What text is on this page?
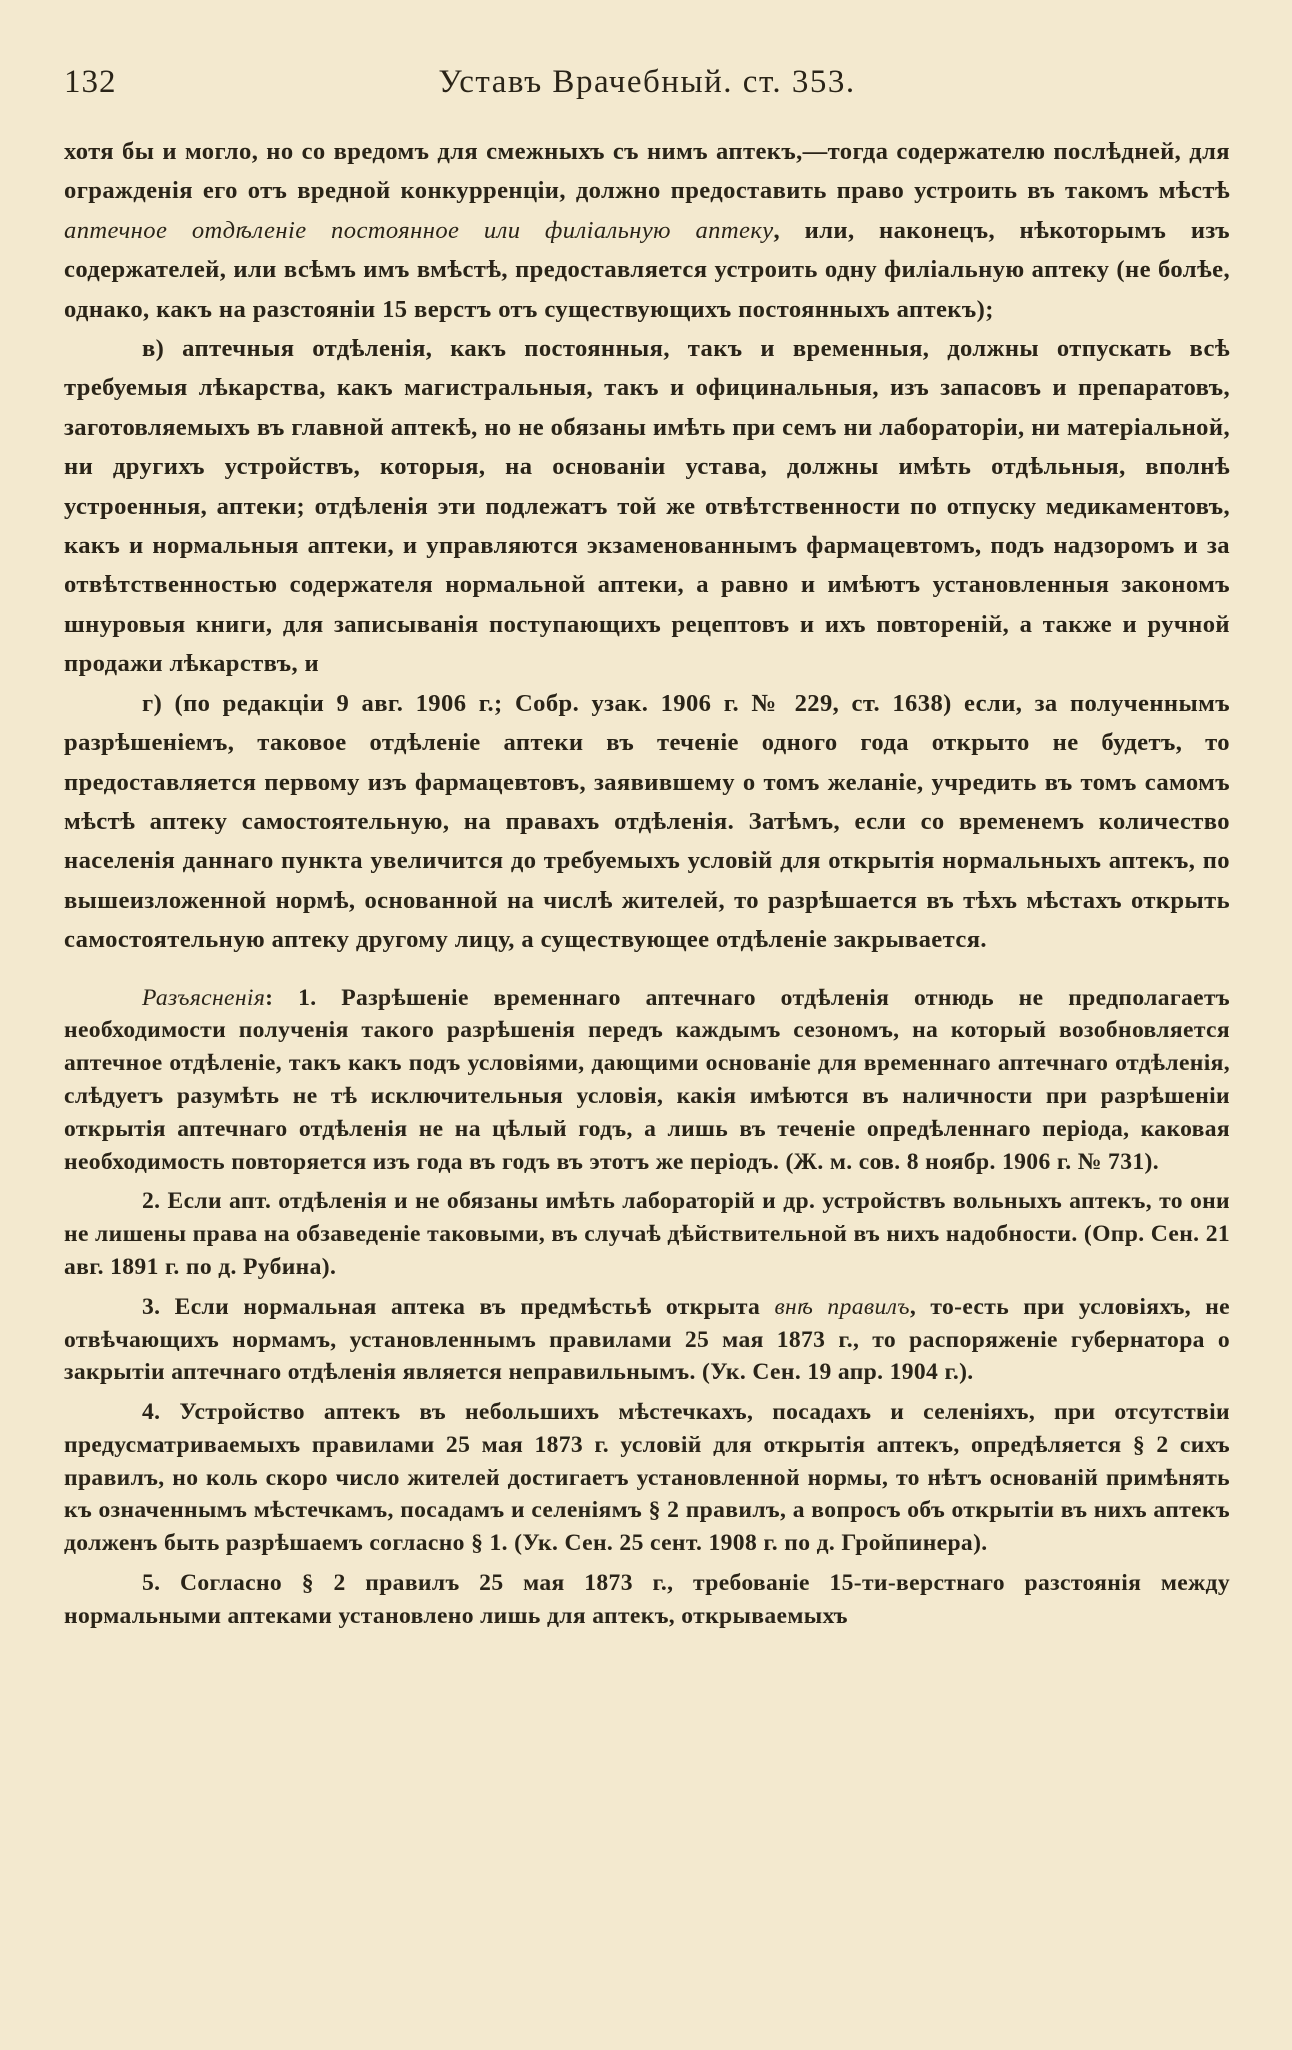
132	Уставъ Врачебный. ст. 353.

хотя бы и могло, но со вредомъ для смежныхъ съ нимъ аптекъ,—тогда содержателю послѣдней, для огражденія его отъ вредной конкурренціи, должно предоставить право устроить въ такомъ мѣстѣ аптечное отдѣленіе постоянное или филіальную аптеку, или, наконецъ, нѣкоторымъ изъ содержателей, или всѣмъ имъ вмѣстѣ, предоставляется устроить одну филіальную аптеку (не болѣе, однако, какъ на разстояніи 15 верстъ отъ существующихъ постоянныхъ аптекъ);

в) аптечныя отдѣленія, какъ постоянныя, такъ и временныя, должны отпускать всѣ требуемыя лѣкарства, какъ магистральныя, такъ и официнальныя, изъ запасовъ и препаратовъ, заготовляемыхъ въ главной аптекѣ, но не обязаны имѣть при семъ ни лабораторіи, ни матеріальной, ни другихъ устройствъ, которыя, на основаніи устава, должны имѣть отдѣльныя, вполнѣ устроенныя, аптеки; отдѣленія эти подлежатъ той же отвѣтственности по отпуску медикаментовъ, какъ и нормальныя аптеки, и управляются экзаменованнымъ фармацевтомъ, подъ надзоромъ и за отвѣтственностью содержателя нормальной аптеки, а равно и имѣютъ установленныя закономъ шнуровыя книги, для записыванія поступающихъ рецептовъ и ихъ повтореній, а также и ручной продажи лѣкарствъ, и

г) (по редакціи 9 авг. 1906 г.; Собр. узак. 1906 г. № 229, ст. 1638) если, за полученнымъ разрѣшеніемъ, таковое отдѣленіе аптеки въ теченіе одного года открыто не будетъ, то предоставляется первому изъ фармацевтовъ, заявившему о томъ желаніе, учредить въ томъ самомъ мѣстѣ аптеку самостоятельную, на правахъ отдѣленія. Затѣмъ, если со временемъ количество населенія даннаго пункта увеличится до требуемыхъ условій для открытія нормальныхъ аптекъ, по вышеизложенной нормѣ, основанной на числѣ жителей, то разрѣшается въ тѣхъ мѣстахъ открыть самостоятельную аптеку другому лицу, а существующее отдѣленіе закрывается.

Разъясненія: 1. Разрѣшеніе временнаго аптечнаго отдѣленія отнюдь не предполагаетъ необходимости полученія такого разрѣшенія передъ каждымъ сезономъ, на который возобновляется аптечное отдѣленіе, такъ какъ подъ условіями, дающими основаніе для временнаго аптечнаго отдѣленія, слѣдуетъ разумѣть не тѣ исключительныя условія, какія имѣются въ наличности при разрѣшеніи открытія аптечнаго отдѣленія не на цѣлый годъ, а лишь въ теченіе опредѣленнаго періода, каковая необходимость повторяется изъ года въ годъ въ этотъ же періодъ. (Ж. м. сов. 8 ноябр. 1906 г. № 731).

2. Если апт. отдѣленія и не обязаны имѣть лабораторій и др. устройствъ вольныхъ аптекъ, то они не лишены права на обзаведеніе таковыми, въ случаѣ дѣйствительной въ нихъ надобности. (Опр. Сен. 21 авг. 1891 г. по д. Рубина).

3. Если нормальная аптека въ предмѣстьѣ открыта внѣ правилъ, то-есть при условіяхъ, не отвѣчающихъ нормамъ, установленнымъ правилами 25 мая 1873 г., то распоряженіе губернатора о закрытіи аптечнаго отдѣленія является неправильнымъ. (Ук. Сен. 19 апр. 1904 г.).

4. Устройство аптекъ въ небольшихъ мѣстечкахъ, посадахъ и селеніяхъ, при отсутствіи предусматриваемыхъ правилами 25 мая 1873 г. условій для открытія аптекъ, опредѣляется § 2 сихъ правилъ, но коль скоро число жителей достигаетъ установленной нормы, то нѣтъ основаній примѣнять къ означеннымъ мѣстечкамъ, посадамъ и селеніямъ § 2 правилъ, а вопросъ объ открытіи въ нихъ аптекъ долженъ быть разрѣшаемъ согласно § 1. (Ук. Сен. 25 сент. 1908 г. по д. Гройпинера).

5. Согласно § 2 правилъ 25 мая 1873 г., требованіе 15-ти-верстнаго разстоянія между нормальными аптеками установлено лишь для аптекъ, открываемыхъ
